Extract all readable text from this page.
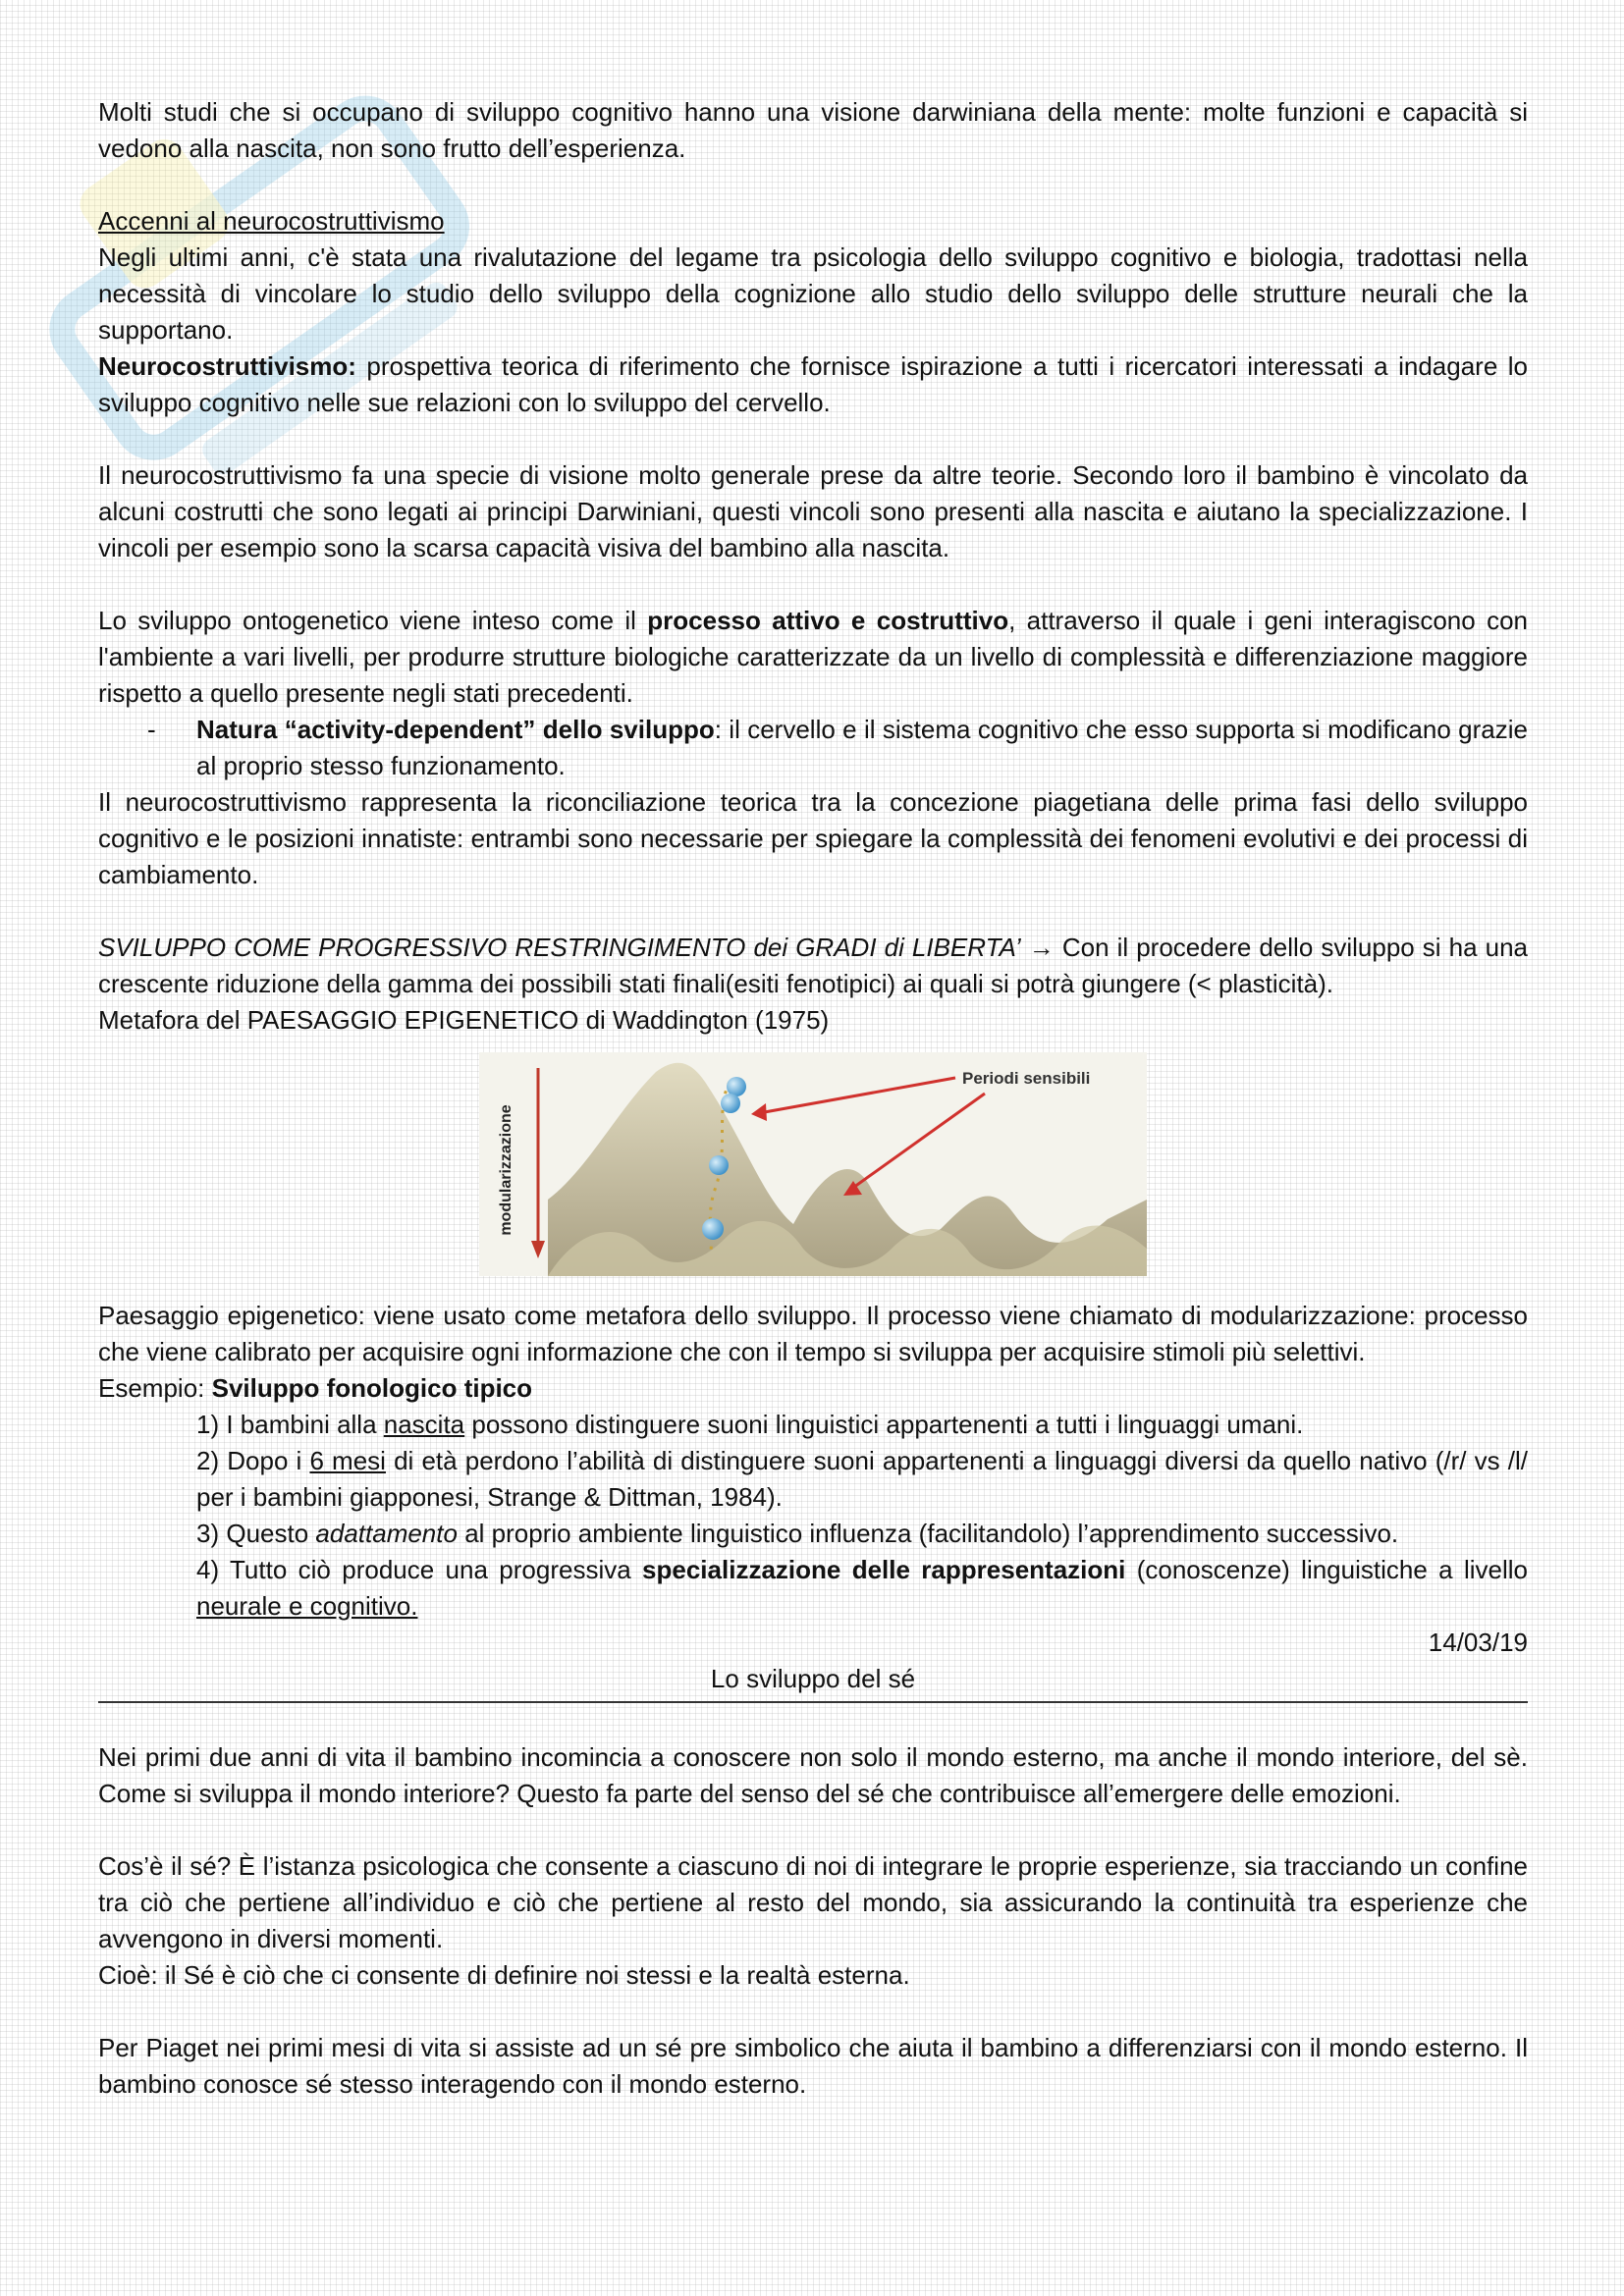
Molti studi che si occupano di sviluppo cognitivo hanno una visione darwiniana della mente: molte funzioni e capacità si vedono alla nascita, non sono frutto dell’esperienza.

Accenni al neurocostruttivismo

Negli ultimi anni, c'è stata una rivalutazione del legame tra psicologia dello sviluppo cognitivo e biologia, tradottasi nella necessità di vincolare lo studio dello sviluppo della cognizione allo studio dello sviluppo delle strutture neurali che la supportano.

Neurocostruttivismo: prospettiva teorica di riferimento che fornisce ispirazione a tutti i ricercatori interessati a indagare lo sviluppo cognitivo nelle sue relazioni con lo sviluppo del cervello.

Il neurocostruttivismo fa una specie di visione molto generale prese da altre teorie. Secondo loro il bambino è vincolato da alcuni costrutti che sono legati ai principi Darwiniani, questi vincoli sono presenti alla nascita e aiutano la specializzazione. I vincoli per esempio sono la scarsa capacità visiva del bambino alla nascita.

Lo sviluppo ontogenetico viene inteso come il processo attivo e costruttivo, attraverso il quale i geni interagiscono con l'ambiente a vari livelli, per produrre strutture biologiche caratterizzate da un livello di complessità e differenziazione maggiore rispetto a quello presente negli stati precedenti.

- Natura “activity-dependent” dello sviluppo: il cervello e il sistema cognitivo che esso supporta si modificano grazie al proprio stesso funzionamento.

Il neurocostruttivismo rappresenta la riconciliazione teorica tra la concezione piagetiana delle prima fasi dello sviluppo cognitivo e le posizioni innatiste: entrambi sono necessarie per spiegare la complessità dei fenomeni evolutivi e dei processi di cambiamento.

SVILUPPO COME PROGRESSIVO RESTRINGIMENTO dei GRADI di LIBERTA’ → Con il procedere dello sviluppo si ha una crescente riduzione della gamma dei possibili stati finali(esiti fenotipici) ai quali si potrà giungere (< plasticità).

Metafora del PAESAGGIO EPIGENETICO di Waddington (1975)

modularizzazione
Periodi sensibili

Paesaggio epigenetico: viene usato come metafora dello sviluppo. Il processo viene chiamato di modularizzazione: processo che viene calibrato per acquisire ogni informazione che con il tempo si sviluppa per acquisire stimoli più selettivi.

Esempio: Sviluppo fonologico tipico

1) I bambini alla nascita possono distinguere suoni linguistici appartenenti a tutti i linguaggi umani.

2) Dopo i 6 mesi di età perdono l’abilità di distinguere suoni appartenenti a linguaggi diversi da quello nativo (/r/ vs /l/ per i bambini giapponesi, Strange & Dittman, 1984).

3) Questo adattamento al proprio ambiente linguistico influenza (facilitandolo) l’apprendimento successivo.

4) Tutto ciò produce una progressiva specializzazione delle rappresentazioni (conoscenze) linguistiche a livello neurale e cognitivo.

14/03/19

Lo sviluppo del sé

Nei primi due anni di vita il bambino incomincia a conoscere non solo il mondo esterno, ma anche il mondo interiore, del sè. Come si sviluppa il mondo interiore? Questo fa parte del senso del sé che contribuisce all’emergere delle emozioni.

Cos’è il sé? È l’istanza psicologica che consente a ciascuno di noi di integrare le proprie esperienze, sia tracciando un confine tra ciò che pertiene all’individuo e ciò che pertiene al resto del mondo, sia assicurando la continuità tra esperienze che avvengono in diversi momenti.

Cioè: il Sé è ciò che ci consente di definire noi stessi e la realtà esterna.

Per Piaget nei primi mesi di vita si assiste ad un sé pre simbolico che aiuta il bambino a differenziarsi con il mondo esterno. Il bambino conosce sé stesso interagendo con il mondo esterno.
